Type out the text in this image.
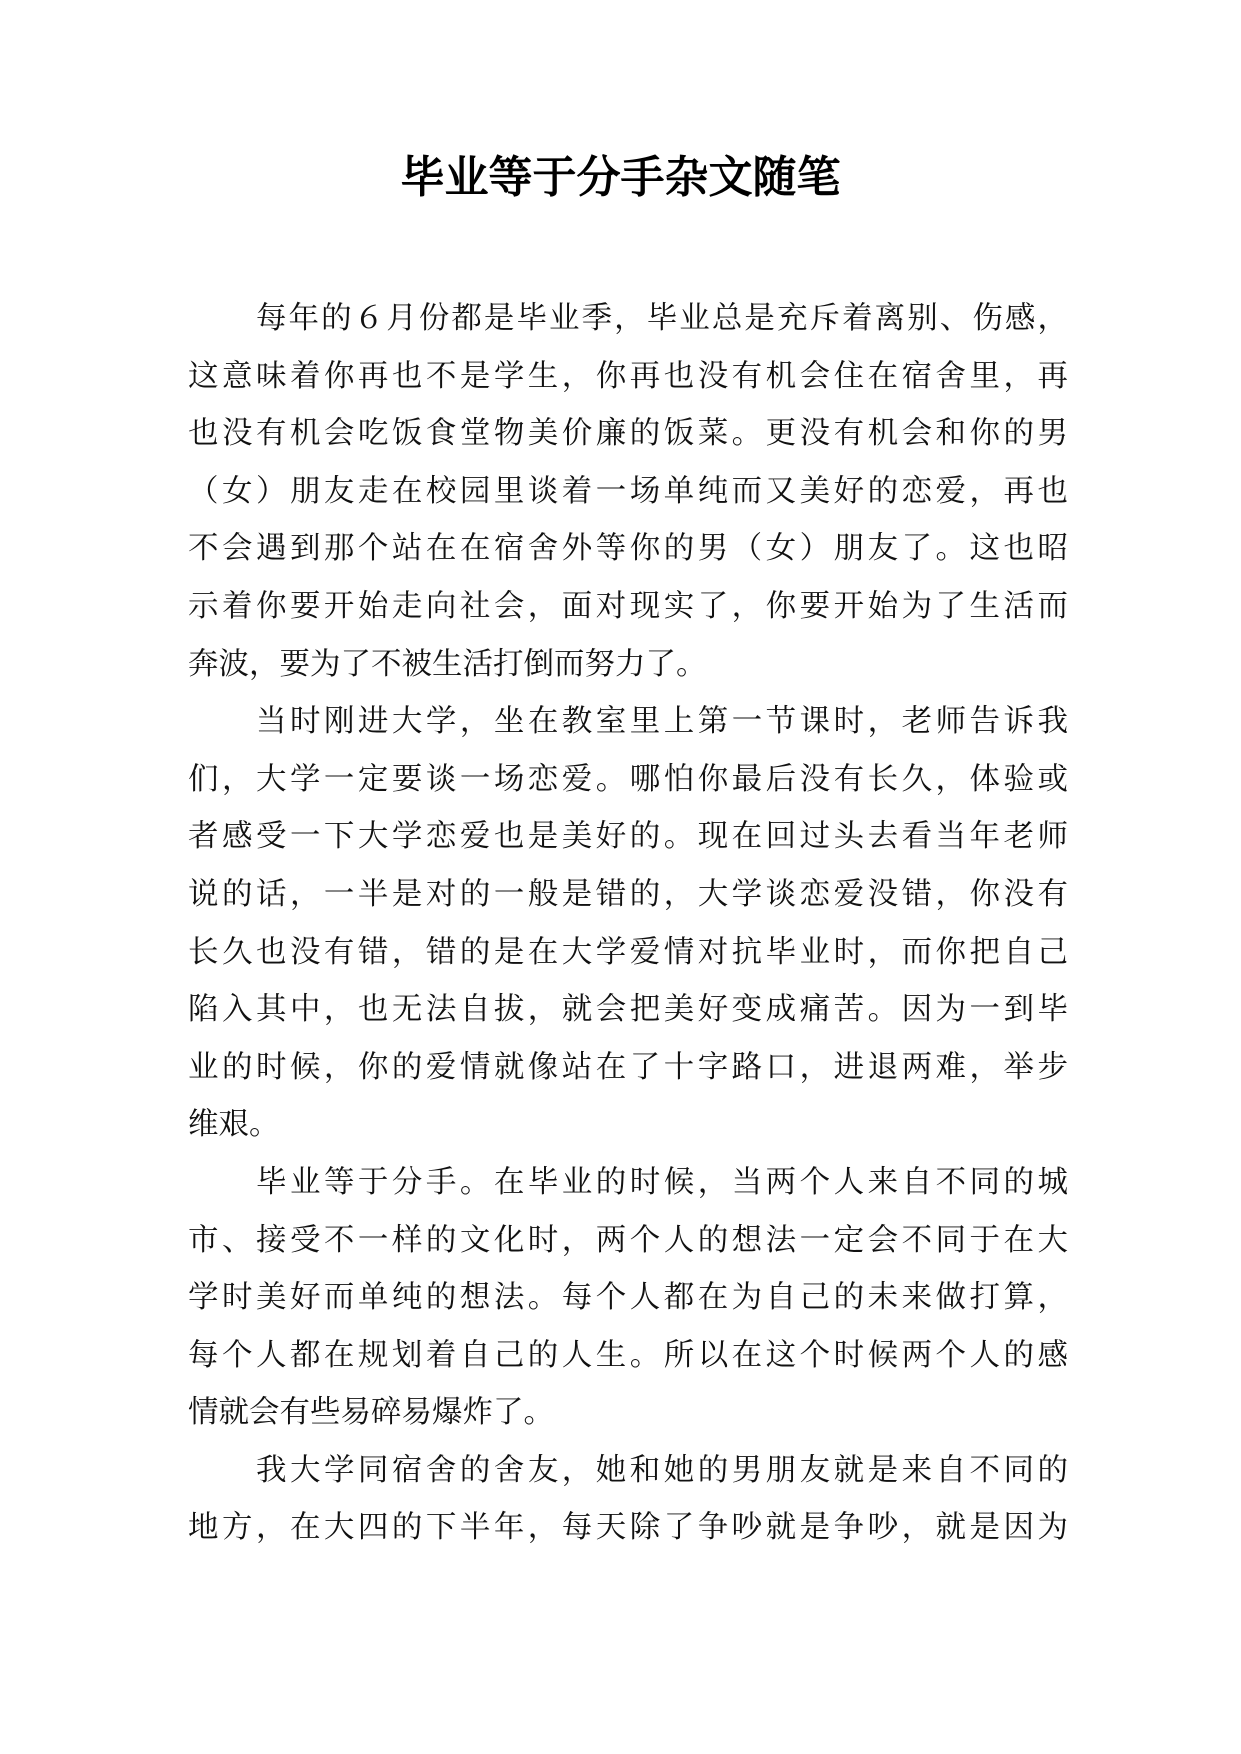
毕业等于分手杂文随笔
每年的６月份都是毕业季，毕业总是充斥着离别、伤感，
这意味着你再也不是学生，你再也没有机会住在宿舍里，再
也没有机会吃饭食堂物美价廉的饭菜。更没有机会和你的男
（女）朋友走在校园里谈着一场单纯而又美好的恋爱，再也
不会遇到那个站在在宿舍外等你的男（女）朋友了。这也昭
示着你要开始走向社会，面对现实了，你要开始为了生活而
奔波，要为了不被生活打倒而努力了。
当时刚进大学，坐在教室里上第一节课时，老师告诉我
们，大学一定要谈一场恋爱。哪怕你最后没有长久，体验或
者感受一下大学恋爱也是美好的。现在回过头去看当年老师
说的话，一半是对的一般是错的，大学谈恋爱没错，你没有
长久也没有错，错的是在大学爱情对抗毕业时，而你把自己
陷入其中，也无法自拔，就会把美好变成痛苦。因为一到毕
业的时候，你的爱情就像站在了十字路口，进退两难，举步
维艰。
毕业等于分手。在毕业的时候，当两个人来自不同的城
市、接受不一样的文化时，两个人的想法一定会不同于在大
学时美好而单纯的想法。每个人都在为自己的未来做打算，
每个人都在规划着自己的人生。所以在这个时候两个人的感
情就会有些易碎易爆炸了。
我大学同宿舍的舍友，她和她的男朋友就是来自不同的
地方，在大四的下半年，每天除了争吵就是争吵，就是因为
